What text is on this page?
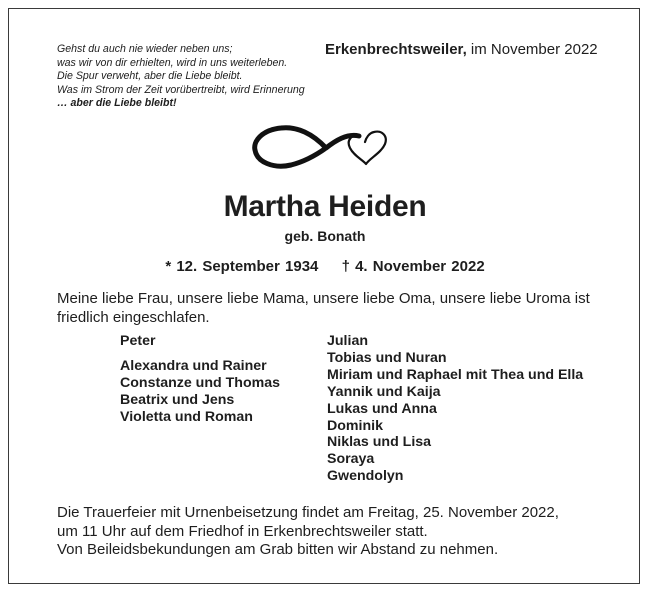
Gehst du auch nie wieder neben uns;
was wir von dir erhielten, wird in uns weiterleben.
Die Spur verweht, aber die Liebe bleibt.
Was im Strom der Zeit vorübertreibt, wird Erinnerung
… aber die Liebe bleibt!
Erkenbrechtsweiler, im November 2022
Martha Heiden
geb. Bonath
* 12. September 1934 † 4. November 2022
Meine liebe Frau, unsere liebe Mama, unsere liebe Oma, unsere liebe Uroma ist
friedlich eingeschlafen.
Peter
Alexandra und Rainer
Constanze und Thomas
Beatrix und Jens
Violetta und Roman
Julian
Tobias und Nuran
Miriam und Raphael mit Thea und Ella
Yannik und Kaija
Lukas und Anna
Dominik
Niklas und Lisa
Soraya
Gwendolyn
Die Trauerfeier mit Urnenbeisetzung findet am Freitag, 25. November 2022,
um 11 Uhr auf dem Friedhof in Erkenbrechtsweiler statt.
Von Beileidsbekundungen am Grab bitten wir Abstand zu nehmen.
